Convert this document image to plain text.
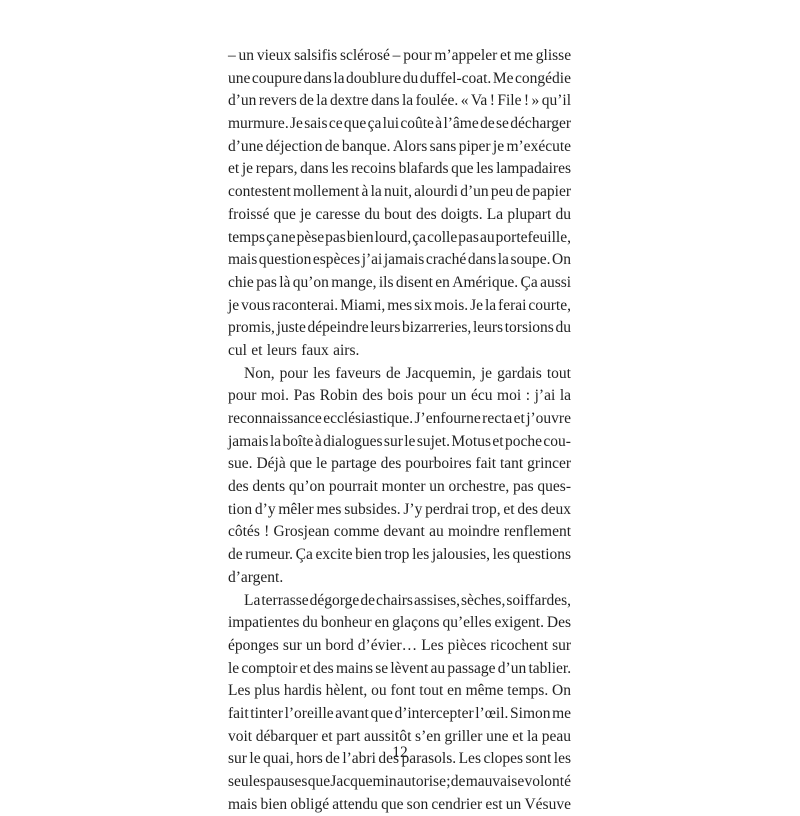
– un vieux salsifis sclérosé – pour m’appeler et me glisse
une coupure dans la doublure du duffel-coat. Me congédie
d’un revers de la dextre dans la foulée. « Va ! File ! » qu’il
murmure. Je sais ce que ça lui coûte à l’âme de se décharger
d’une déjection de banque. Alors sans piper je m’exécute
et je repars, dans les recoins blafards que les lampadaires
contestent mollement à la nuit, alourdi d’un peu de papier
froissé que je caresse du bout des doigts. La plupart du
temps ça ne pèse pas bien lourd, ça colle pas au portefeuille,
mais question espèces j’ai jamais craché dans la soupe. On
chie pas là qu’on mange, ils disent en Amérique. Ça aussi
je vous raconterai. Miami, mes six mois. Je la ferai courte,
promis, juste dépeindre leurs bizarreries, leurs torsions du
cul et leurs faux airs.
Non, pour les faveurs de Jacquemin, je gardais tout
pour moi. Pas Robin des bois pour un écu moi : j’ai la
reconnaissance ecclésiastique. J’enfourne recta et j’ouvre
jamais la boîte à dialogues sur le sujet. Motus et poche cou-
sue. Déjà que le partage des pourboires fait tant grincer
des dents qu’on pourrait monter un orchestre, pas ques-
tion d’y mêler mes subsides. J’y perdrai trop, et des deux
côtés ! Grosjean comme devant au moindre renflement
de rumeur. Ça excite bien trop les jalousies, les questions
d’argent.
La terrasse dégorge de chairs assises, sèches, soiffardes,
impatientes du bonheur en glaçons qu’elles exigent. Des
éponges sur un bord d’évier… Les pièces ricochent sur
le comptoir et des mains se lèvent au passage d’un tablier.
Les plus hardis hèlent, ou font tout en même temps. On
fait tinter l’oreille avant que d’intercepter l’œil. Simon me
voit débarquer et part aussitôt s’en griller une et la peau
sur le quai, hors de l’abri des parasols. Les clopes sont les
seules pauses que Jacquemin autorise ; de mauvaise volonté
mais bien obligé attendu que son cendrier est un Vésuve
12
